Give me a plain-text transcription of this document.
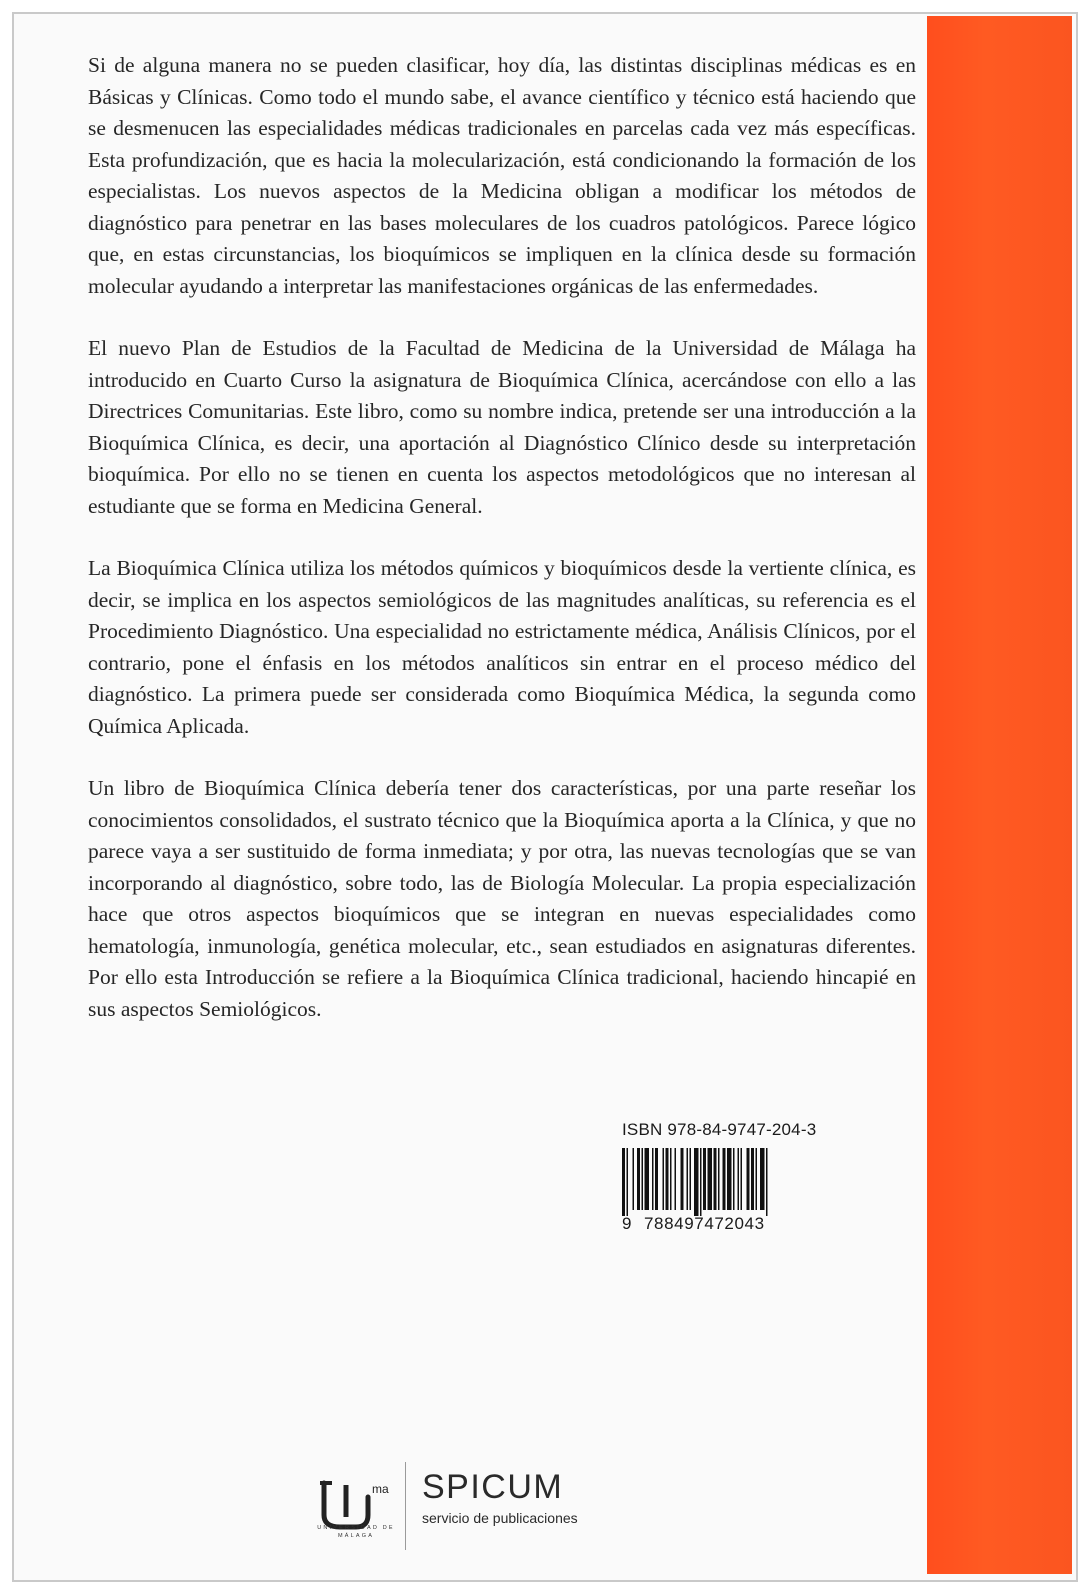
Si de alguna manera no se pueden clasificar, hoy día, las distintas disciplinas médicas es en Básicas y Clínicas. Como todo el mundo sabe, el avance científico y técnico está haciendo que se desmenucen las especialidades médicas tradicionales en parcelas cada vez más específicas. Esta profundización, que es hacia la molecularización, está condicionando la formación de los especialistas. Los nuevos aspectos de la Medicina obligan a modificar los métodos de diagnóstico para penetrar en las bases moleculares de los cuadros patológicos. Parece lógico que, en estas circunstancias, los bioquímicos se impliquen en la clínica desde su formación molecular ayudando a interpretar las manifestaciones orgánicas de las enfermedades.

El nuevo Plan de Estudios de la Facultad de Medicina de la Universidad de Málaga ha introducido en Cuarto Curso la asignatura de Bioquímica Clínica, acercándose con ello a las Directrices Comunitarias. Este libro, como su nombre indica, pretende ser una introducción a la Bioquímica Clínica, es decir, una aportación al Diagnóstico Clínico desde su interpretación bioquímica. Por ello no se tienen en cuenta los aspectos metodológicos que no interesan al estudiante que se forma en Medicina General.

La Bioquímica Clínica utiliza los métodos químicos y bioquímicos desde la vertiente clínica, es decir, se implica en los aspectos semiológicos de las magnitudes analíticas, su referencia es el Procedimiento Diagnóstico. Una especialidad no estrictamente médica, Análisis Clínicos, por el contrario, pone el énfasis en los métodos analíticos sin entrar en el proceso médico del diagnóstico. La primera puede ser considerada como Bioquímica Médica, la segunda como Química Aplicada.

Un libro de Bioquímica Clínica debería tener dos características, por una parte reseñar los conocimientos consolidados, el sustrato técnico que la Bioquímica aporta a la Clínica, y que no parece vaya a ser sustituido de forma inmediata; y por otra, las nuevas tecnologías que se van incorporando al diagnóstico, sobre todo, las de Biología Molecular. La propia especialización hace que otros aspectos bioquímicos que se integran en nuevas especialidades como hematología, inmunología, genética molecular, etc., sean estudiados en asignaturas diferentes. Por ello esta Introducción se refiere a la Bioquímica Clínica tradicional, haciendo hincapié en sus aspectos Semiológicos.

ISBN 978-84-9747-204-3
9 788497472043
ma
UNIVERSIDAD DE MÁLAGA
SPICUM
servicio de publicaciones
